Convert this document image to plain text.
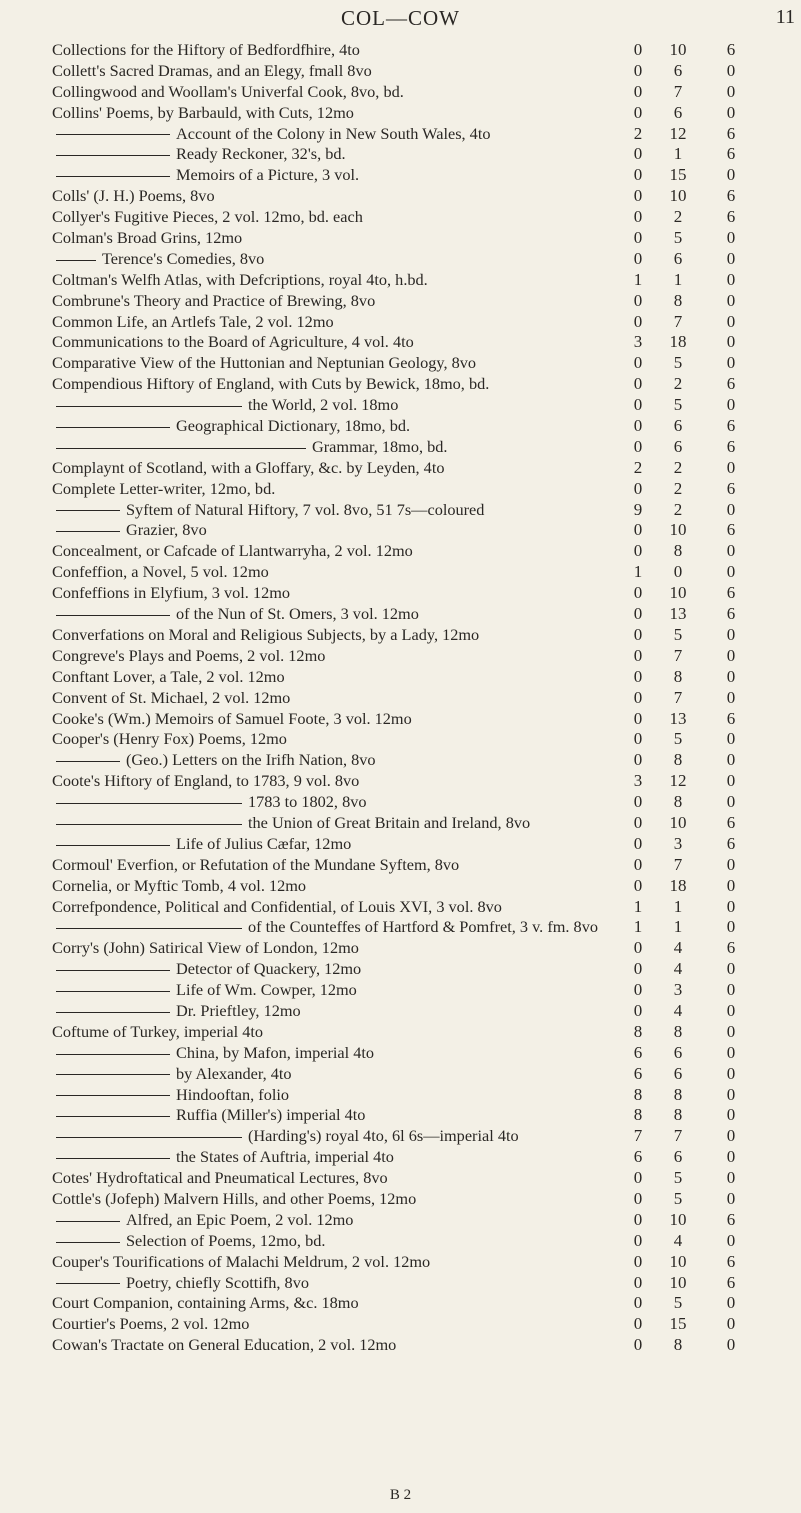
COL—COW	11
Collections for the Hiftory of Bedfordfhire, 4to	0	10	6
Collett's Sacred Dramas, and an Elegy, fmall 8vo	0	6	0
Collingwood and Woollam's Univerfal Cook, 8vo, bd.	0	7	0
Collins' Poems, by Barbauld, with Cuts, 12mo	0	6	0
Account of the Colony in New South Wales, 4to	2	12	6
Ready Reckoner, 32's, bd.	0	1	6
Memoirs of a Picture, 3 vol.	0	15	0
Colls' (J. H.) Poems, 8vo	0	10	6
Collyer's Fugitive Pieces, 2 vol. 12mo, bd. each	0	2	6
Colman's Broad Grins, 12mo	0	5	0
Terence's Comedies, 8vo	0	6	0
Coltman's Welfh Atlas, with Defcriptions, royal 4to, h.bd.	1	1	0
Combrune's Theory and Practice of Brewing, 8vo	0	8	0
Common Life, an Artlefs Tale, 2 vol. 12mo	0	7	0
Communications to the Board of Agriculture, 4 vol. 4to	3	18	0
Comparative View of the Huttonian and Neptunian Geology, 8vo	0	5	0
Compendious Hiftory of England, with Cuts by Bewick, 18mo, bd.	0	2	6
the World, 2 vol. 18mo	0	5	0
Geographical Dictionary, 18mo, bd.	0	6	6
Grammar, 18mo, bd.	0	6	6
Complaynt of Scotland, with a Gloffary, &c. by Leyden, 4to	2	2	0
Complete Letter-writer, 12mo, bd.	0	2	6
Syftem of Natural Hiftory, 7 vol. 8vo, 51 7s—coloured	9	2	0
Grazier, 8vo	0	10	6
Concealment, or Cafcade of Llantwarryha, 2 vol. 12mo	0	8	0
Confeffion, a Novel, 5 vol. 12mo	1	0	0
Confeffions in Elyfium, 3 vol. 12mo	0	10	6
of the Nun of St. Omers, 3 vol. 12mo	0	13	6
Converfations on Moral and Religious Subjects, by a Lady, 12mo	0	5	0
Congreve's Plays and Poems, 2 vol. 12mo	0	7	0
Conftant Lover, a Tale, 2 vol. 12mo	0	8	0
Convent of St. Michael, 2 vol. 12mo	0	7	0
Cooke's (Wm.) Memoirs of Samuel Foote, 3 vol. 12mo	0	13	6
Cooper's (Henry Fox) Poems, 12mo	0	5	0
(Geo.) Letters on the Irifh Nation, 8vo	0	8	0
Coote's Hiftory of England, to 1783, 9 vol. 8vo	3	12	0
1783 to 1802, 8vo	0	8	0
the Union of Great Britain and Ireland, 8vo	0	10	6
Life of Julius Cæfar, 12mo	0	3	6
Cormoul' Everfion, or Refutation of the Mundane Syftem, 8vo	0	7	0
Cornelia, or Myftic Tomb, 4 vol. 12mo	0	18	0
Correfpondence, Political and Confidential, of Louis XVI, 3 vol. 8vo	1	1	0
of the Counteffes of Hartford & Pomfret, 3 v. fm. 8vo	1	1	0
Corry's (John) Satirical View of London, 12mo	0	4	6
Detector of Quackery, 12mo	0	4	0
Life of Wm. Cowper, 12mo	0	3	0
Dr. Prieftley, 12mo	0	4	0
Coftume of Turkey, imperial 4to	8	8	0
China, by Mafon, imperial 4to	6	6	0
by Alexander, 4to	6	6	0
Hindooftan, folio	8	8	0
Ruffia (Miller's) imperial 4to	8	8	0
(Harding's) royal 4to, 6l 6s—imperial 4to	7	7	0
the States of Auftria, imperial 4to	6	6	0
Cotes' Hydroftatical and Pneumatical Lectures, 8vo	0	5	0
Cottle's (Jofeph) Malvern Hills, and other Poems, 12mo	0	5	0
Alfred, an Epic Poem, 2 vol. 12mo	0	10	6
Selection of Poems, 12mo, bd.	0	4	0
Couper's Tourifications of Malachi Meldrum, 2 vol. 12mo	0	10	6
Poetry, chiefly Scottifh, 8vo	0	10	6
Court Companion, containing Arms, &c. 18mo	0	5	0
Courtier's Poems, 2 vol. 12mo	0	15	0
Cowan's Tractate on General Education, 2 vol. 12mo	0	8	0
B 2
